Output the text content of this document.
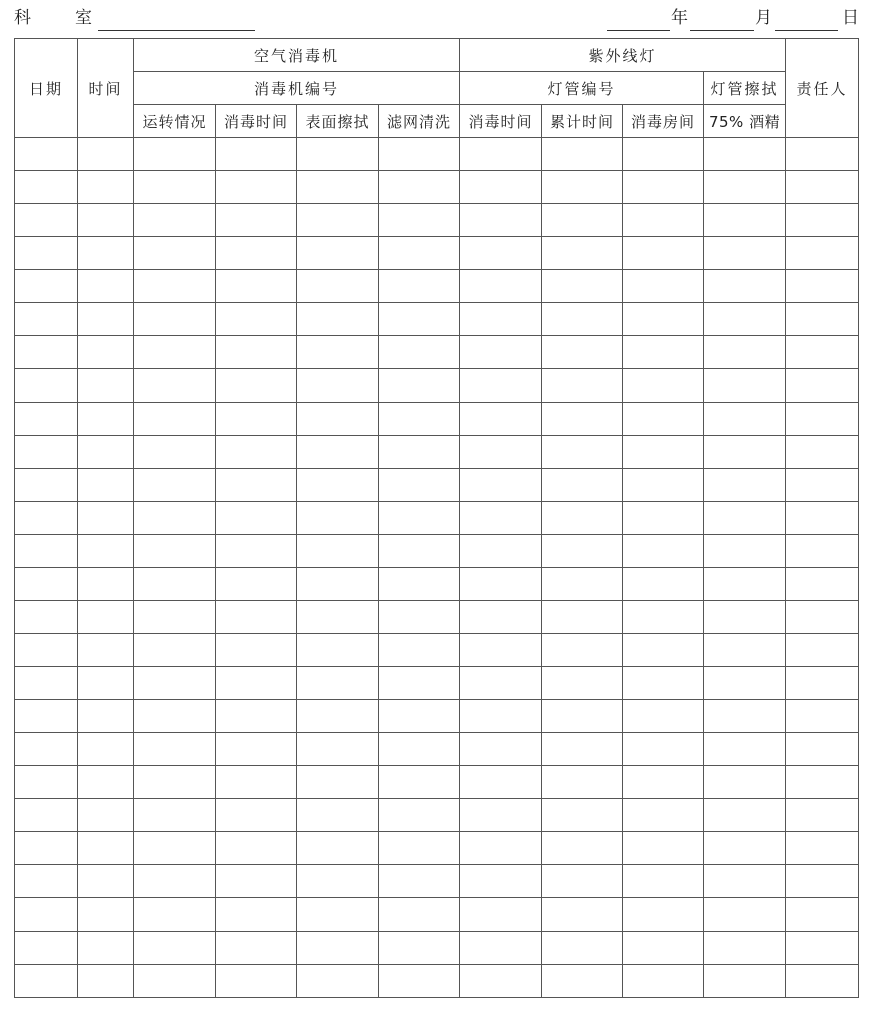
科	室	年	月	日
日期	时间	空气消毒机				紫外线灯				责任人
		消毒机编号				灯管编号			灯管擦拭	
		运转情况	消毒时间	表面擦拭	滤网清洗	消毒时间	累计时间	消毒房间	75% 酒精	
